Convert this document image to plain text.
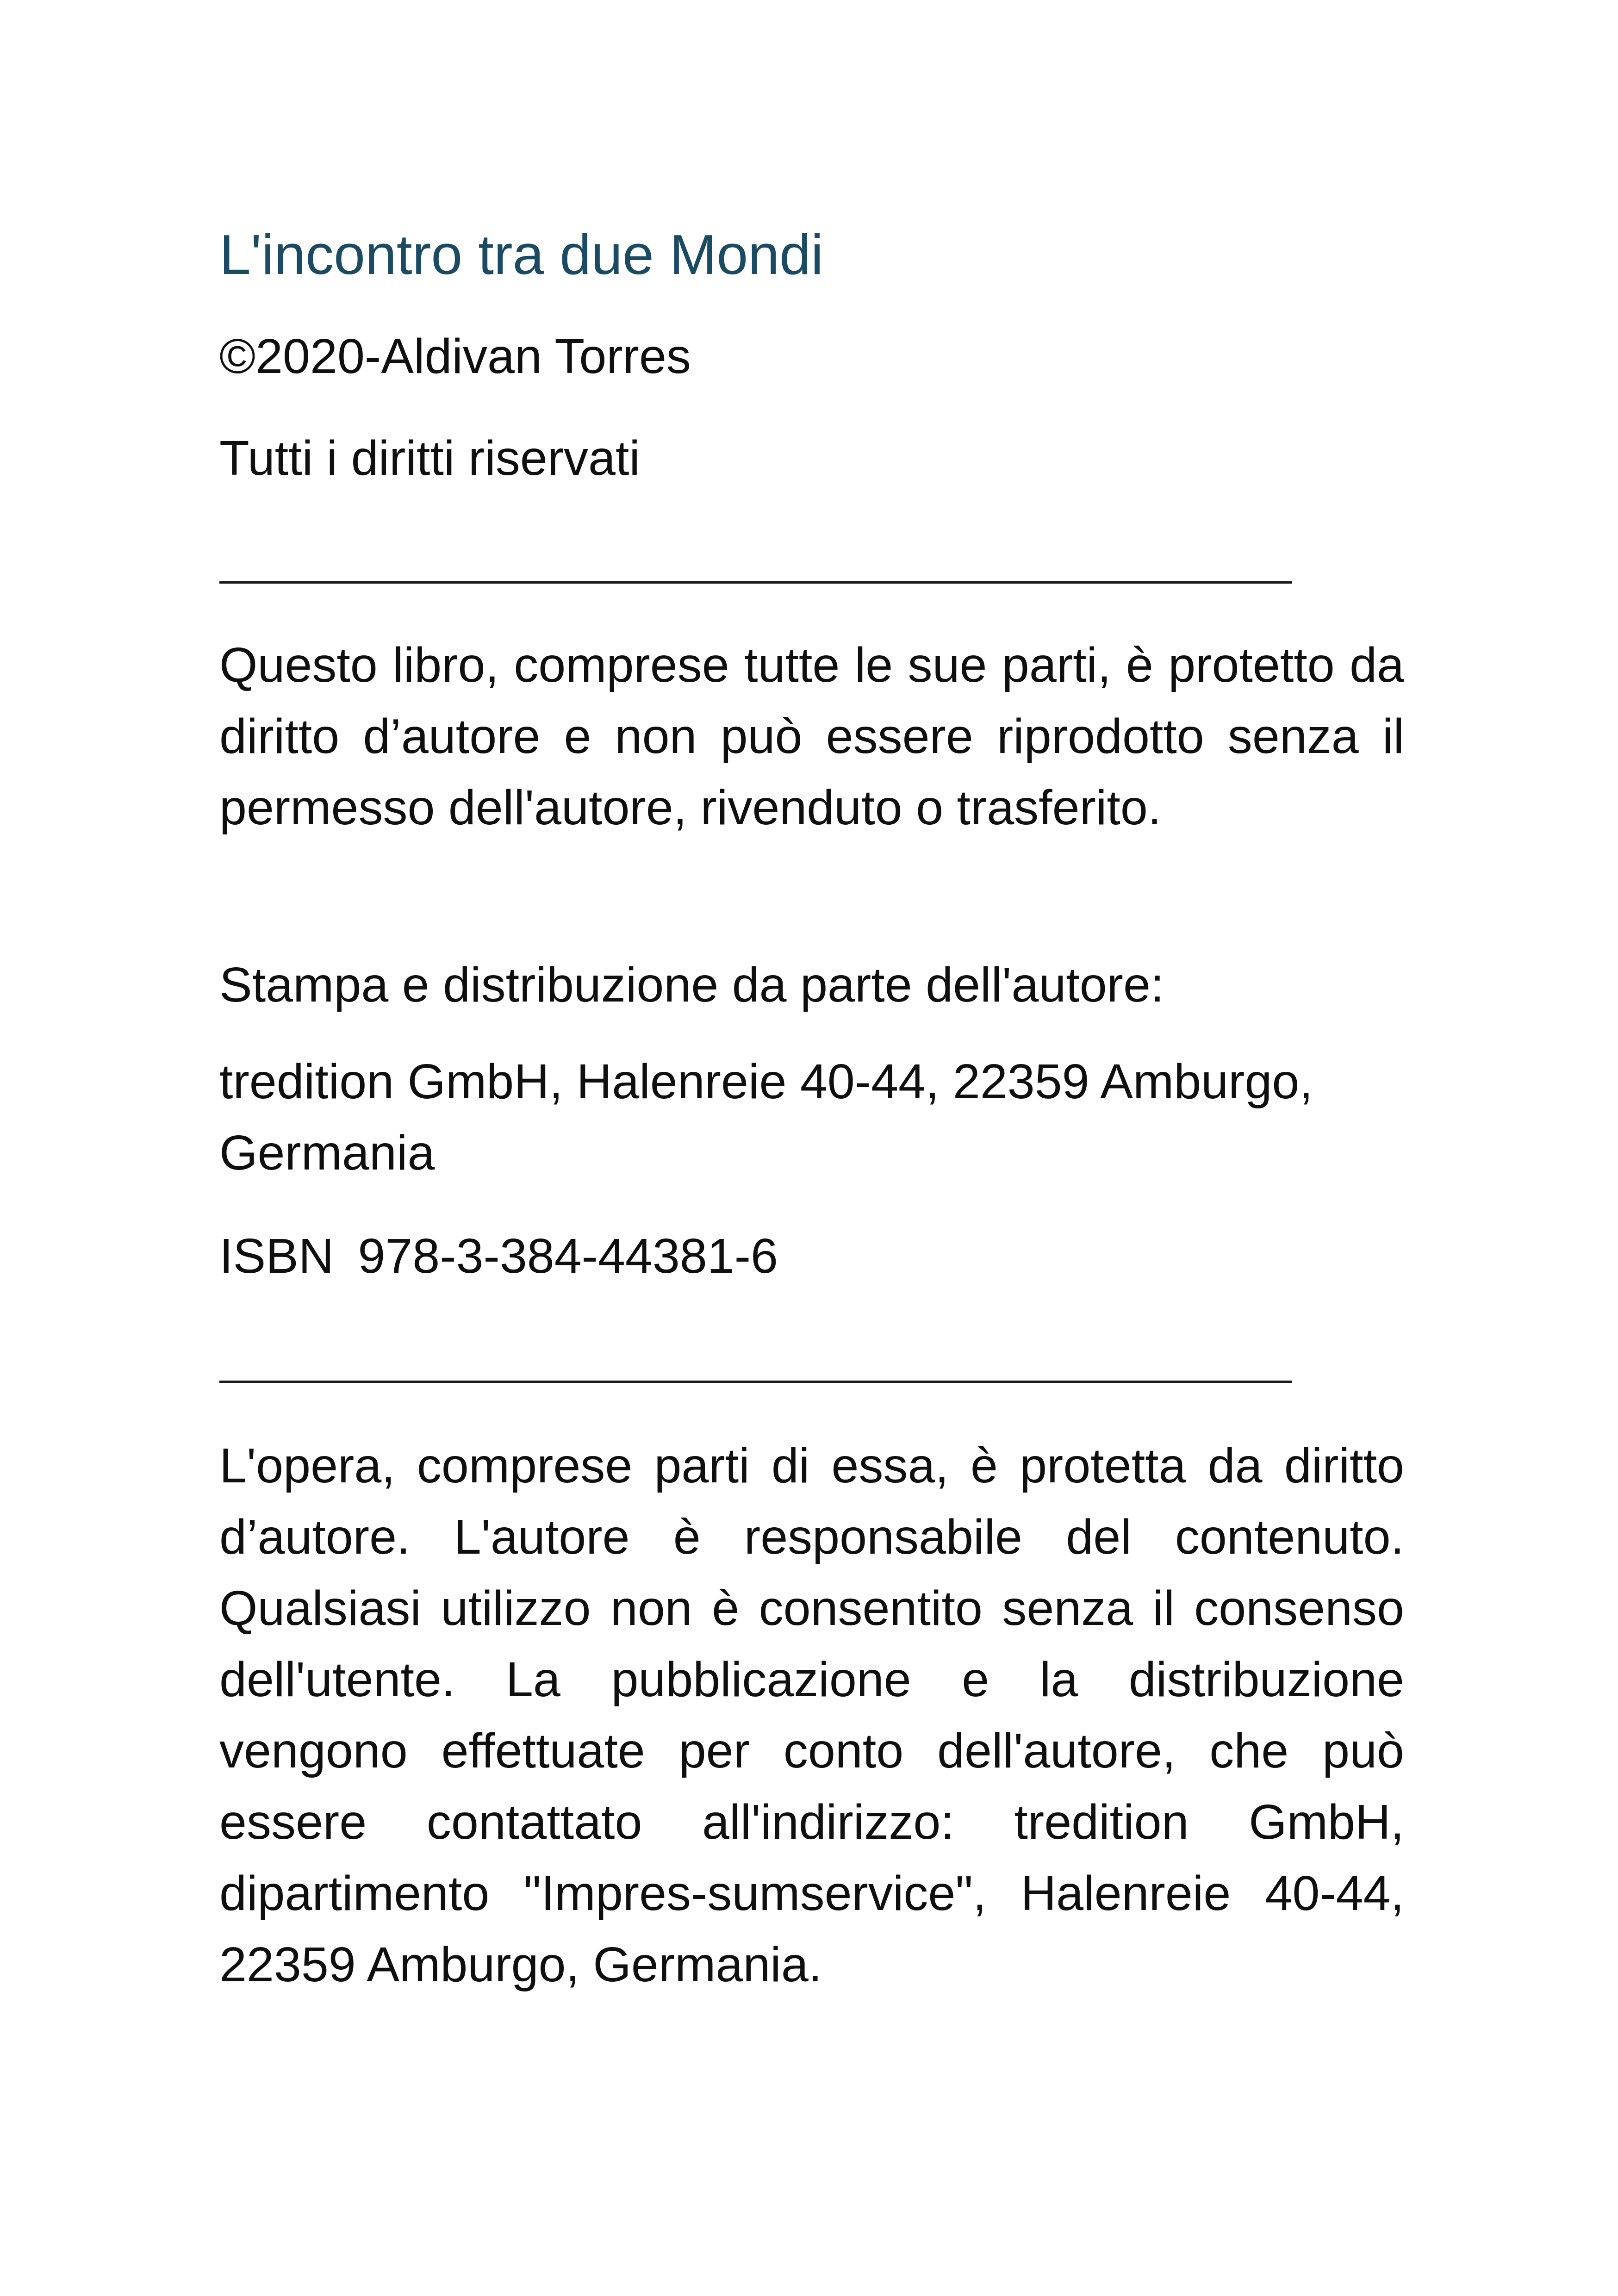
L'incontro tra due Mondi
©2020-Aldivan Torres
Tutti i diritti riservati

Questo libro, comprese tutte le sue parti, è protetto da diritto d’autore e non può essere riprodotto senza il permesso dell'autore, rivenduto o trasferito.

Stampa e distribuzione da parte dell'autore:

tredition GmbH, Halenreie 40-44, 22359 Amburgo, Germania

ISBN 978-3-384-44381-6

L'opera, comprese parti di essa, è protetta da diritto d’autore. L'autore è responsabile del contenuto. Qualsiasi utilizzo non è consentito senza il consenso dell'utente. La pubblicazione e la distribuzione vengono effettuate per conto dell'autore, che può essere contattato all'indirizzo: tredition GmbH, dipartimento "Impres-sumservice", Halenreie 40-44, 22359 Amburgo, Germania.
